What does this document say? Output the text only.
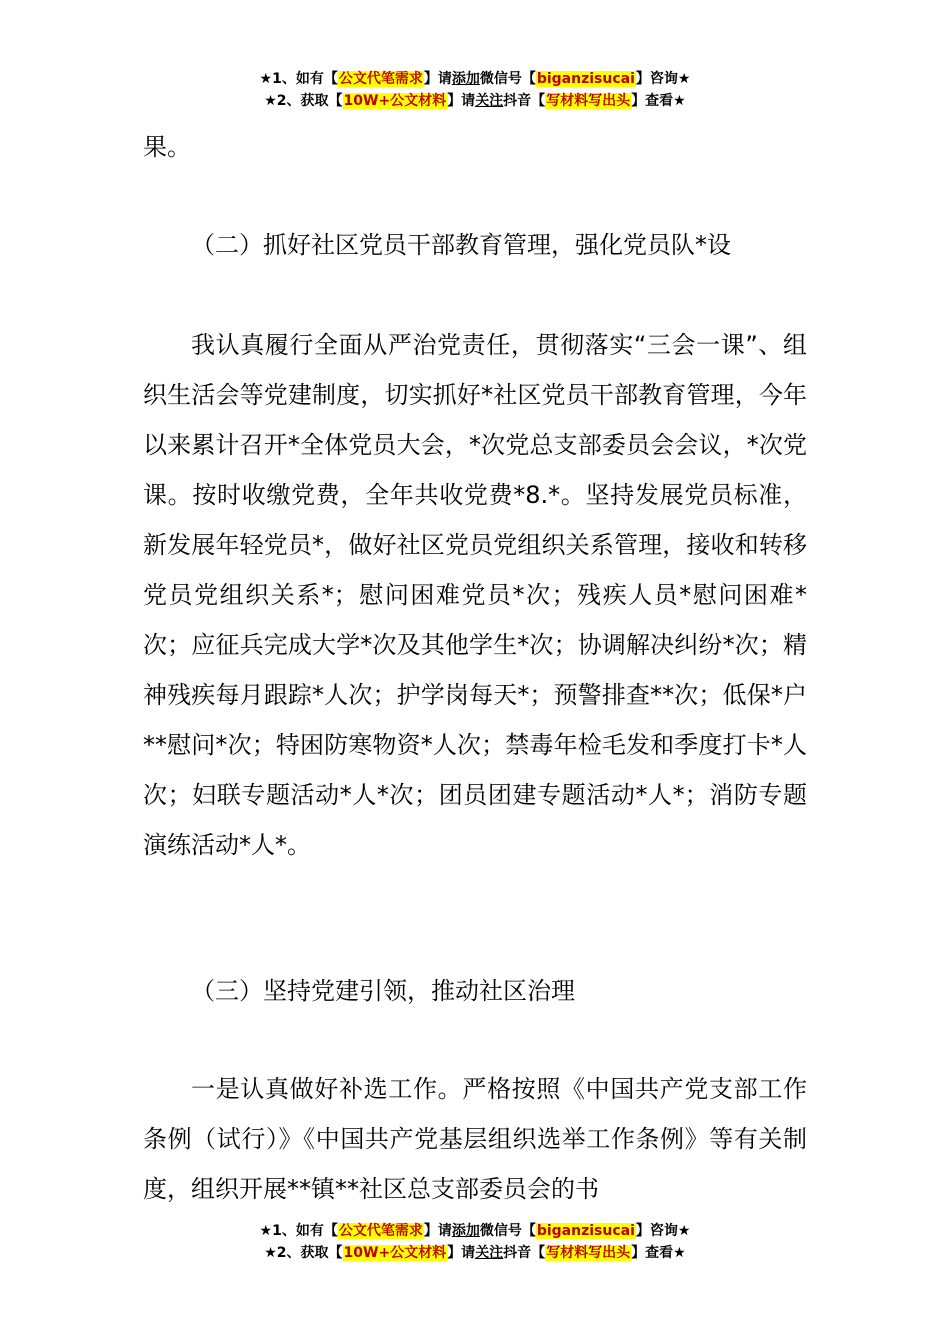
★1、如有【公文代笔需求】请添加微信号【biganzisucai】咨询★
★2、获取【10W+公文材料】请关注抖音【写材料写出头】查看★

果。

（二）抓好社区党员干部教育管理，强化党员队*设

我认真履行全面从严治党责任，贯彻落实“三会一课”、组织生活会等党建制度，切实抓好*社区党员干部教育管理，今年以来累计召开*全体党员大会，*次党总支部委员会会议，*次党课。按时收缴党费，全年共收党费*8.*。坚持发展党员标准，新发展年轻党员*，做好社区党员党组织关系管理，接收和转移党员党组织关系*；慰问困难党员*次；残疾人员*慰问困难*次；应征兵完成大学*次及其他学生*次；协调解决纠纷*次；精神残疾每月跟踪*人次；护学岗每天*；预警排查**次；低保*户**慰问*次；特困防寒物资*人次；禁毒年检毛发和季度打卡*人次；妇联专题活动*人*次；团员团建专题活动*人*；消防专题演练活动*人*。

（三）坚持党建引领，推动社区治理

一是认真做好补选工作。严格按照《中国共产党支部工作条例（试行）》《中国共产党基层组织选举工作条例》等有关制度，组织开展**镇**社区总支部委员会的书

★1、如有【公文代笔需求】请添加微信号【biganzisucai】咨询★
★2、获取【10W+公文材料】请关注抖音【写材料写出头】查看★
